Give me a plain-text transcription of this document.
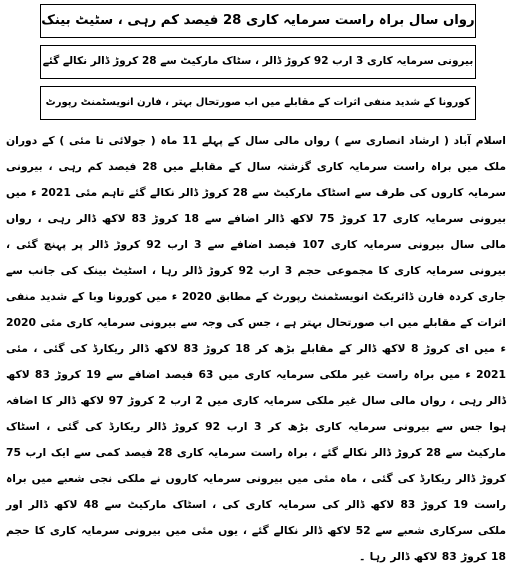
رواں سال براہ راست سرمایہ کاری 28 فیصد کم رہی ، سٹیٹ بینک
بیرونی سرمایہ کاری 3 ارب 92 کروڑ ڈالر ، سٹاک مارکیٹ سے 28 کروڑ ڈالر نکالے گئے
کورونا کے شدید منفی اثرات کے مقابلے میں اب صورتحال بہتر ، فارن انویسٹمنٹ رپورٹ

اسلام آباد ( ارشاد انصاری سے ) رواں مالی سال کے پہلے 11 ماہ ( جولائی تا مئی ) کے دوران ملک میں براہ راست سرمایہ کاری گزشتہ سال کے مقابلے میں 28 فیصد کم رہی ، بیرونی سرمایہ کاروں کی طرف سے اسٹاک مارکیٹ سے 28 کروڑ ڈالر نکالے گئے تاہم مئی 2021 ء میں بیرونی سرمایہ کاری 17 کروڑ 75 لاکھ ڈالر اضافے سے 18 کروڑ 83 لاکھ ڈالر رہی ، رواں مالی سال بیرونی سرمایہ کاری 107 فیصد اضافے سے 3 ارب 92 کروڑ ڈالر پر پہنچ گئی ، بیرونی سرمایہ کاری کا مجموعی حجم 3 ارب 92 کروڑ ڈالر رہا ، اسٹیٹ بینک کی جانب سے جاری کردہ فارن ڈائریکٹ انویسٹمنٹ رپورٹ کے مطابق 2020 ء میں کورونا وبا کے شدید منفی اثرات کے مقابلے میں اب صورتحال بہتر ہے ، جس کی وجہ سے بیرونی سرمایہ کاری مئی 2020 ء میں ای کروڑ 8 لاکھ ڈالر کے مقابلے بڑھ کر 18 کروڑ 83 لاکھ ڈالر ریکارڈ کی گئی ، مئی 2021 ء میں براہ راست غیر ملکی سرمایہ کاری میں 63 فیصد اضافے سے 19 کروڑ 83 لاکھ ڈالر رہی ، رواں مالی سال غیر ملکی سرمایہ کاری میں 2 ارب 2 کروڑ 97 لاکھ ڈالر کا اضافہ ہوا جس سے بیرونی سرمایہ کاری بڑھ کر 3 ارب 92 کروڑ ڈالر ریکارڈ کی گئی ، اسٹاک مارکیٹ سے 28 کروڑ ڈالر نکالے گئے ، براہ راست سرمایہ کاری 28 فیصد کمی سے ایک ارب 75 کروڑ ڈالر ریکارڈ کی گئی ، ماہ مئی میں بیرونی سرمایہ کاروں نے ملکی نجی شعبے میں براہ راست 19 کروڑ 83 لاکھ ڈالر کی سرمایہ کاری کی ، اسٹاک مارکیٹ سے 48 لاکھ ڈالر اور ملکی سرکاری شعبے سے 52 لاکھ ڈالر نکالے گئے ، یوں مئی میں بیرونی سرمایہ کاری کا حجم 18 کروڑ 83 لاکھ ڈالر رہا ۔
